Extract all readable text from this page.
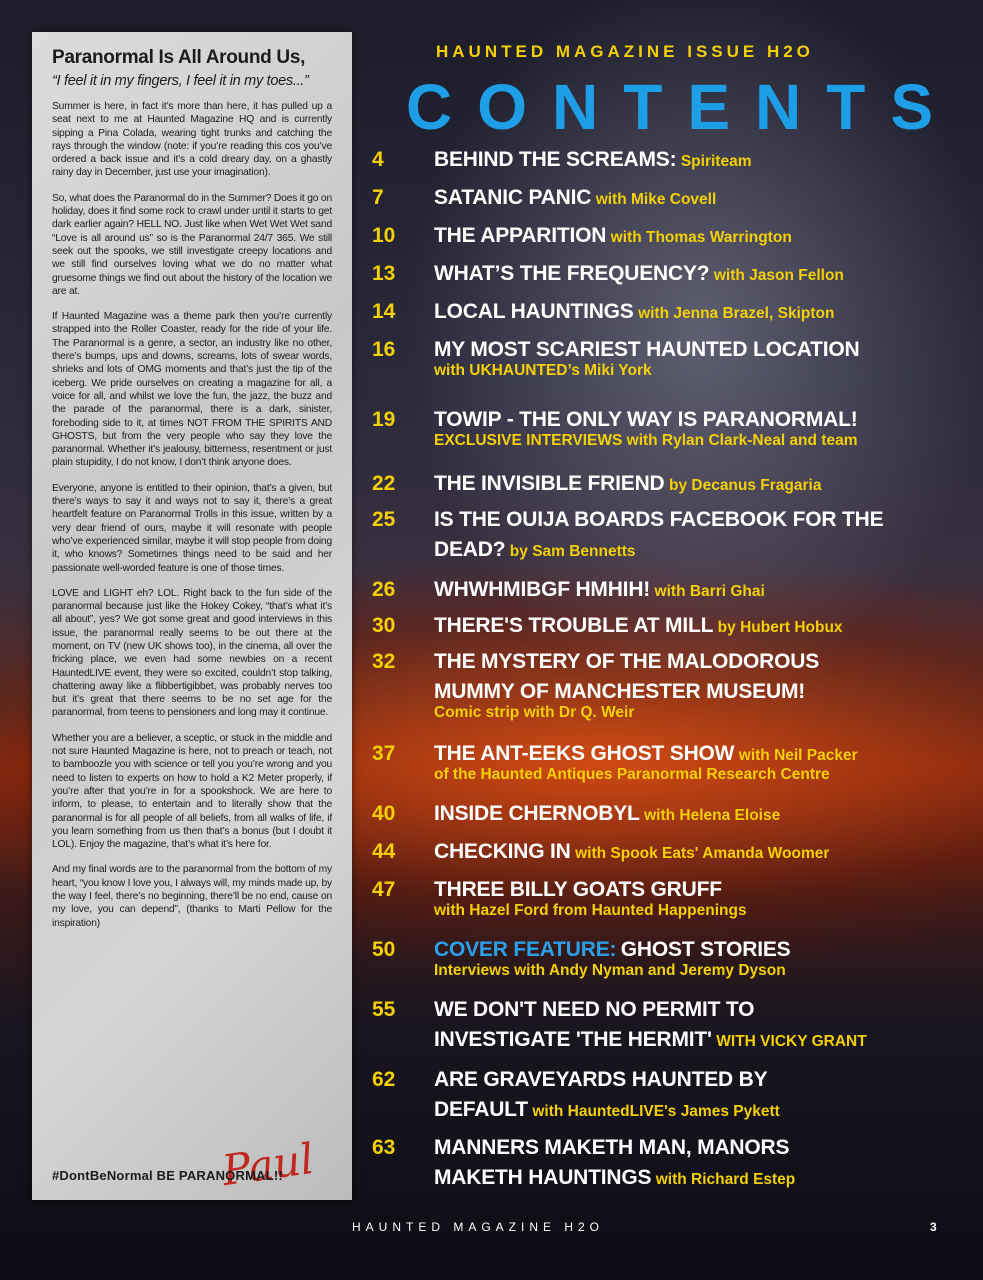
Paranormal Is All Around Us,
“I feel it in my fingers, I feel it in my toes...”

Summer is here, in fact it’s more than here, it has pulled up a seat next to me at Haunted Magazine HQ and is currently sipping a Pina Colada, wearing tight trunks and catching the rays through the window (note: if you’re reading this cos you’ve ordered a back issue and it’s a cold dreary day, on a ghastly rainy day in December, just use your imagination).

So, what does the Paranormal do in the Summer? Does it go on holiday, does it find some rock to crawl under until it starts to get dark earlier again? HELL NO. Just like when Wet Wet Wet sand “Love is all around us” so is the Paranormal 24/7 365. We still seek out the spooks, we still investigate creepy locations and we still find ourselves loving what we do no matter what gruesome things we find out about the history of the location we are at.

If Haunted Magazine was a theme park then you’re currently strapped into the Roller Coaster, ready for the ride of your life. The Paranormal is a genre, a sector, an industry like no other, there’s bumps, ups and downs, screams, lots of swear words, shrieks and lots of OMG moments and that’s just the tip of the iceberg. We pride ourselves on creating a magazine for all, a voice for all, and whilst we love the fun, the jazz, the buzz and the parade of the paranormal, there is a dark, sinister, foreboding side to it, at times NOT FROM THE SPIRITS AND GHOSTS, but from the very people who say they love the paranormal. Whether it’s jealousy, bitterness, resentment or just plain stupidity, I do not know, I don’t think anyone does.

Everyone, anyone is entitled to their opinion, that’s a given, but there’s ways to say it and ways not to say it, there’s a great heartfelt feature on Paranormal Trolls in this issue, written by a very dear friend of ours, maybe it will resonate with people who’ve experienced similar, maybe it will stop people from doing it, who knows? Sometimes things need to be said and her passionate well-worded feature is one of those times.

LOVE and LIGHT eh? LOL. Right back to the fun side of the paranormal because just like the Hokey Cokey, “that’s what it’s all about”, yes? We got some great and good interviews in this issue, the paranormal really seems to be out there at the moment, on TV (new UK shows too), in the cinema, all over the fricking place, we even had some newbies on a recent HauntedLIVE event, they were so excited, couldn’t stop talking, chattering away like a flibbertigibbet, was probably nerves too but it’s great that there seems to be no set age for the paranormal, from teens to pensioners and long may it continue.

Whether you are a believer, a sceptic, or stuck in the middle and not sure Haunted Magazine is here, not to preach or teach, not to bamboozle you with science or tell you you’re wrong and you need to listen to experts on how to hold a K2 Meter properly, if you’re after that you’re in for a spookshock. We are here to inform, to please, to entertain and to literally show that the paranormal is for all people of all beliefs, from all walks of life, if you learn something from us then that’s a bonus (but I doubt it LOL). Enjoy the magazine, that’s what it’s here for.

And my final words are to the paranormal from the bottom of my heart, “you know I love you, I always will, my minds made up, by the way I feel, there’s no beginning, there’ll be no end, cause on my love, you can depend”, (thanks to Marti Pellow for the inspiration)

Paul
#DontBeNormal BE PARANORMAL!!
HAUNTED MAGAZINE ISSUE H2O
CONTENTS
4 BEHIND THE SCREAMS: Spiriteam
7 SATANIC PANIC with Mike Covell
10 THE APPARITION with Thomas Warrington
13 WHAT’S THE FREQUENCY? with Jason Fellon
14 LOCAL HAUNTINGS with Jenna Brazel, Skipton
16 MY MOST SCARIEST HAUNTED LOCATION
with UKHAUNTED’s Miki York
19 TOWIP - THE ONLY WAY IS PARANORMAL!
EXCLUSIVE INTERVIEWS with Rylan Clark-Neal and team
22 THE INVISIBLE FRIEND by Decanus Fragaria
25 IS THE OUIJA BOARDS FACEBOOK FOR THE
DEAD? by Sam Bennetts
26 WHWHMIBGF HMHIH! with Barri Ghai
30 THERE'S TROUBLE AT MILL by Hubert Hobux
32 THE MYSTERY OF THE MALODOROUS
MUMMY OF MANCHESTER MUSEUM!
Comic strip with Dr Q. Weir
37 THE ANT-EEKS GHOST SHOW with Neil Packer
of the Haunted Antiques Paranormal Research Centre
40 INSIDE CHERNOBYL with Helena Eloise
44 CHECKING IN with Spook Eats' Amanda Woomer
47 THREE BILLY GOATS GRUFF
with Hazel Ford from Haunted Happenings
50 COVER FEATURE: GHOST STORIES
Interviews with Andy Nyman and Jeremy Dyson
55 WE DON'T NEED NO PERMIT TO
INVESTIGATE 'THE HERMIT' WITH VICKY GRANT
62 ARE GRAVEYARDS HAUNTED BY
DEFAULT with HauntedLIVE's James Pykett
63 MANNERS MAKETH MAN, MANORS
MAKETH HAUNTINGS with Richard Estep
HAUNTED MAGAZINE H2O	3
